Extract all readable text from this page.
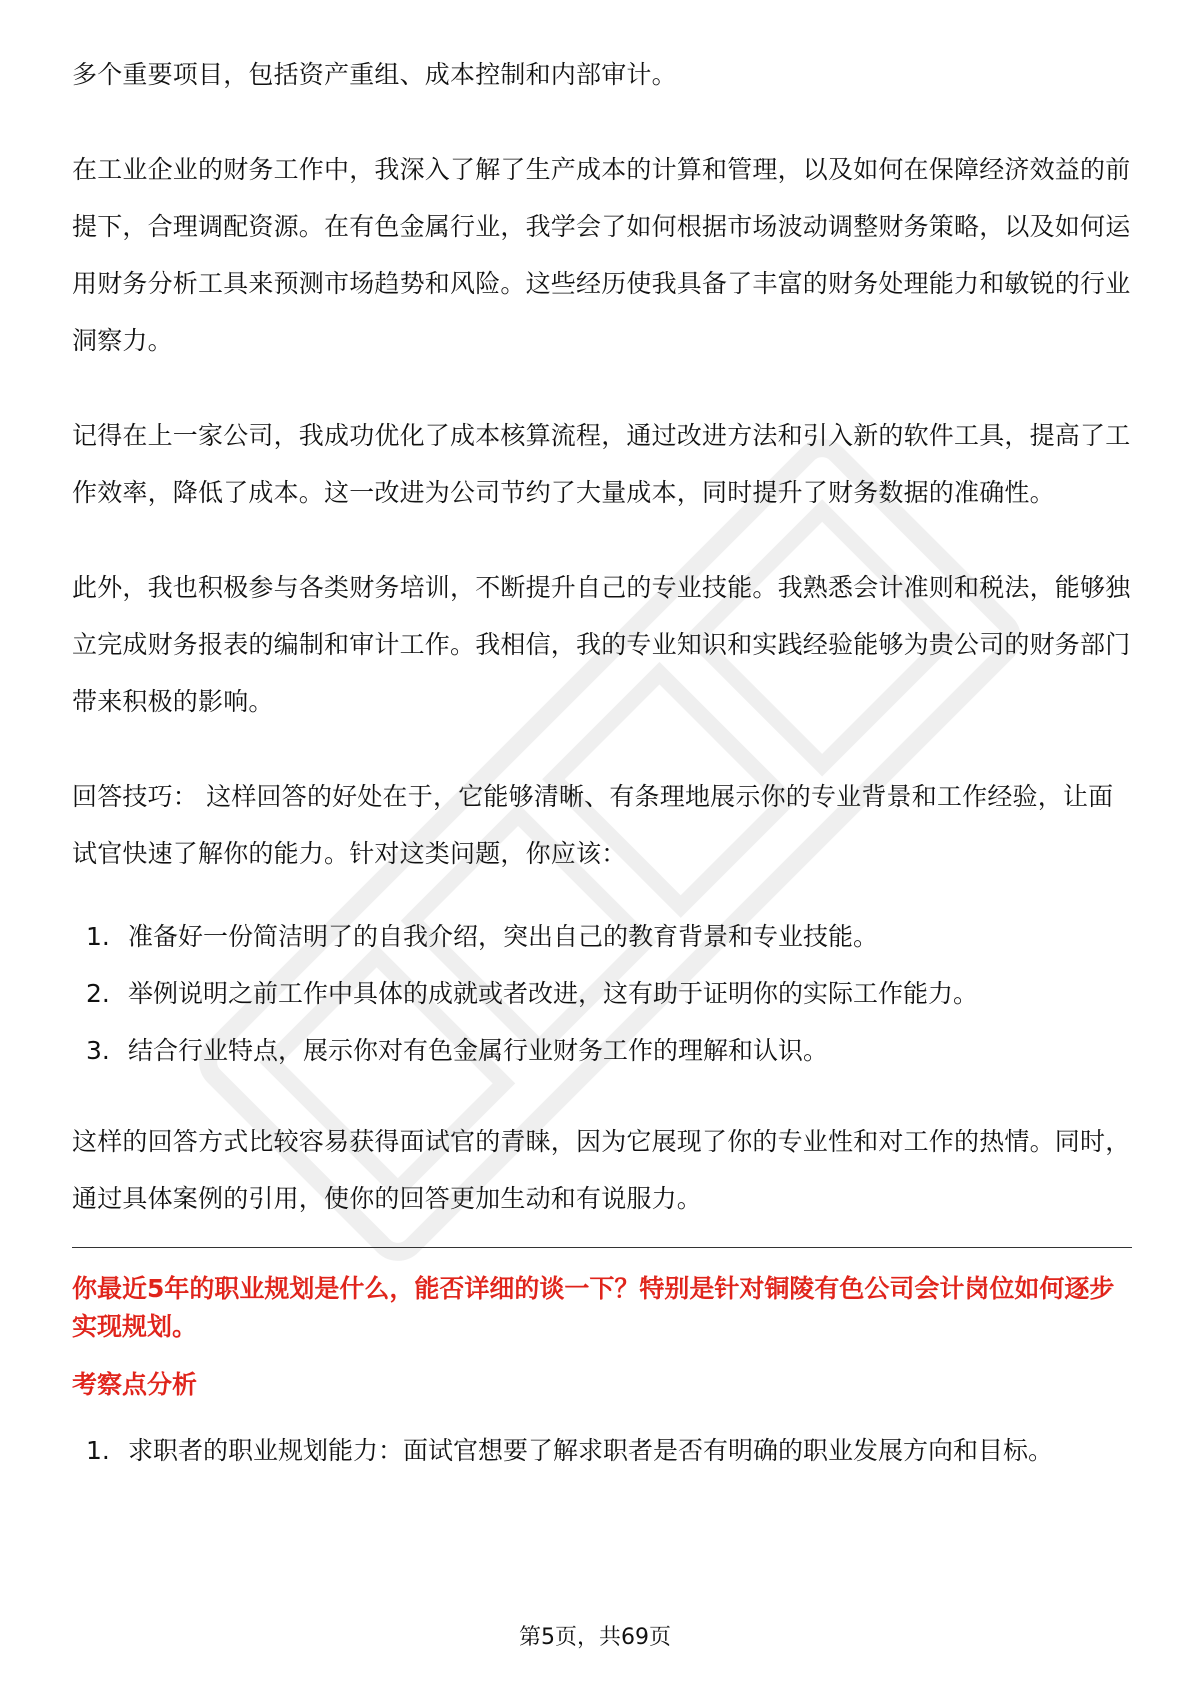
多个重要项目，包括资产重组、成本控制和内部审计。

在工业企业的财务工作中，我深入了解了生产成本的计算和管理，以及如何在保障经济效益的前提下，合理调配资源。在有色金属行业，我学会了如何根据市场波动调整财务策略，以及如何运用财务分析工具来预测市场趋势和风险。这些经历使我具备了丰富的财务处理能力和敏锐的行业洞察力。

记得在上一家公司，我成功优化了成本核算流程，通过改进方法和引入新的软件工具，提高了工作效率，降低了成本。这一改进为公司节约了大量成本，同时提升了财务数据的准确性。

此外，我也积极参与各类财务培训，不断提升自己的专业技能。我熟悉会计准则和税法，能够独立完成财务报表的编制和审计工作。我相信，我的专业知识和实践经验能够为贵公司的财务部门带来积极的影响。

回答技巧： 这样回答的好处在于，它能够清晰、有条理地展示你的专业背景和工作经验，让面试官快速了解你的能力。针对这类问题，你应该：

1. 准备好一份简洁明了的自我介绍，突出自己的教育背景和专业技能。
2. 举例说明之前工作中具体的成就或者改进，这有助于证明你的实际工作能力。
3. 结合行业特点，展示你对有色金属行业财务工作的理解和认识。

这样的回答方式比较容易获得面试官的青睐，因为它展现了你的专业性和对工作的热情。同时，通过具体案例的引用，使你的回答更加生动和有说服力。

你最近5年的职业规划是什么，能否详细的谈一下？特别是针对铜陵有色公司会计岗位如何逐步实现规划。
考察点分析
1. 求职者的职业规划能力：面试官想要了解求职者是否有明确的职业发展方向和目标。
第5页，共69页
